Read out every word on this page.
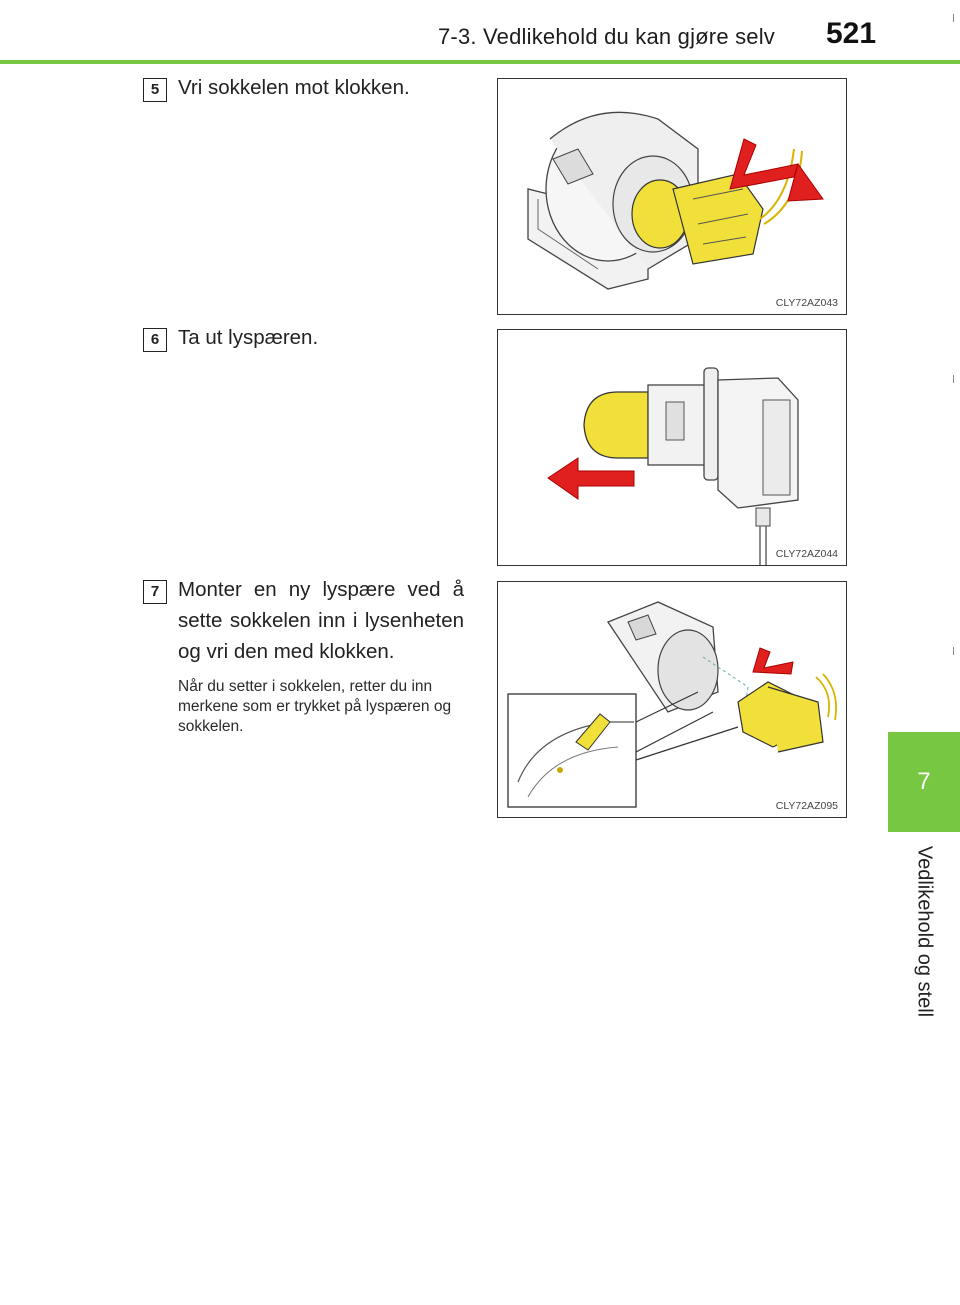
7-3. Vedlikehold du kan gjøre selv 521
7
Vedlikehold og stell
5 Vri sokkelen mot klokken.
CLY72AZ043
6 Ta ut lyspæren.
CLY72AZ044
7 Monter en ny lyspære ved å sette sokkelen inn i lysenheten og vri den med klokken.
Når du setter i sokkelen, retter du inn merkene som er trykket på lyspæren og sokkelen.
CLY72AZ095
